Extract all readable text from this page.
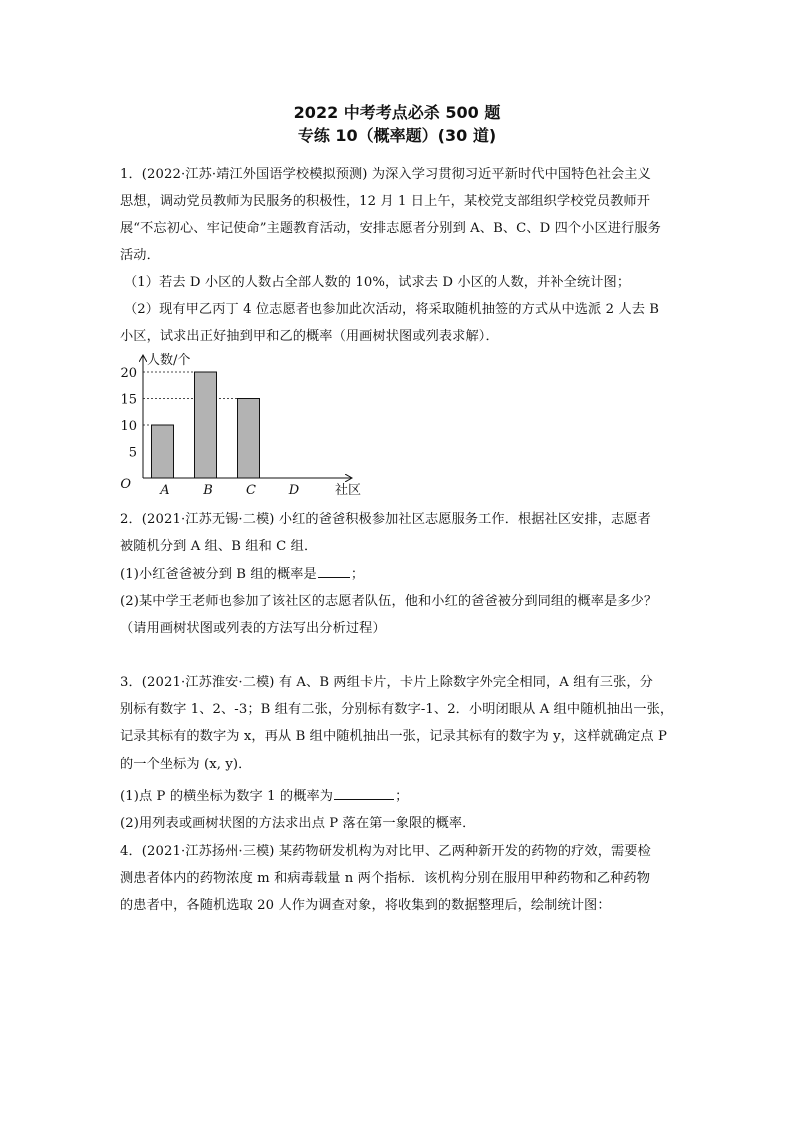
2022 中考考点必杀 500 题
专练 10（概率题）(30 道)
1．(2022·江苏·靖江外国语学校模拟预测) 为深入学习贯彻习近平新时代中国特色社会主义
思想，调动党员教师为民服务的积极性，12 月 1 日上午，某校党支部组织学校党员教师开
展“不忘初心、牢记使命”主题教育活动，安排志愿者分别到 A、B、C、D 四个小区进行服务
活动．
（1）若去 D 小区的人数占全部人数的 10%，试求去 D 小区的人数，并补全统计图；
（2）现有甲乙丙丁 4 位志愿者也参加此次活动，将采取随机抽签的方式从中选派 2 人去 B
小区，试求出正好抽到甲和乙的概率（用画树状图或列表求解）．
5
10
15
20
O A	B	C	D
人数/个
社区
2．(2021·江苏无锡·二模) 小红的爸爸积极参加社区志愿服务工作．根据社区安排，志愿者
被随机分到 A 组、B 组和 C 组．
(1)小红爸爸被分到 B 组的概率是	；
(2)某中学王老师也参加了该社区的志愿者队伍，他和小红的爸爸被分到同组的概率是多少？
（请用画树状图或列表的方法写出分析过程）
3．(2021·江苏淮安·二模) 有 A、B 两组卡片，卡片上除数字外完全相同，A 组有三张，分
别标有数字 1、2、-3；B 组有二张，分别标有数字-1、2．小明闭眼从 A 组中随机抽出一张，
记录其标有的数字为 x，再从 B 组中随机抽出一张，记录其标有的数字为 y，这样就确定点 P
的一个坐标为 (x, y)．
(1)点 P 的横坐标为数字 1 的概率为	；
(2)用列表或画树状图的方法求出点 P 落在第一象限的概率．
4．(2021·江苏扬州·三模) 某药物研发机构为对比甲、乙两种新开发的药物的疗效，需要检
测患者体内的药物浓度 m 和病毒载量 n 两个指标．该机构分别在服用甲种药物和乙种药物
的患者中，各随机选取 20 人作为调查对象，将收集到的数据整理后，绘制统计图：
